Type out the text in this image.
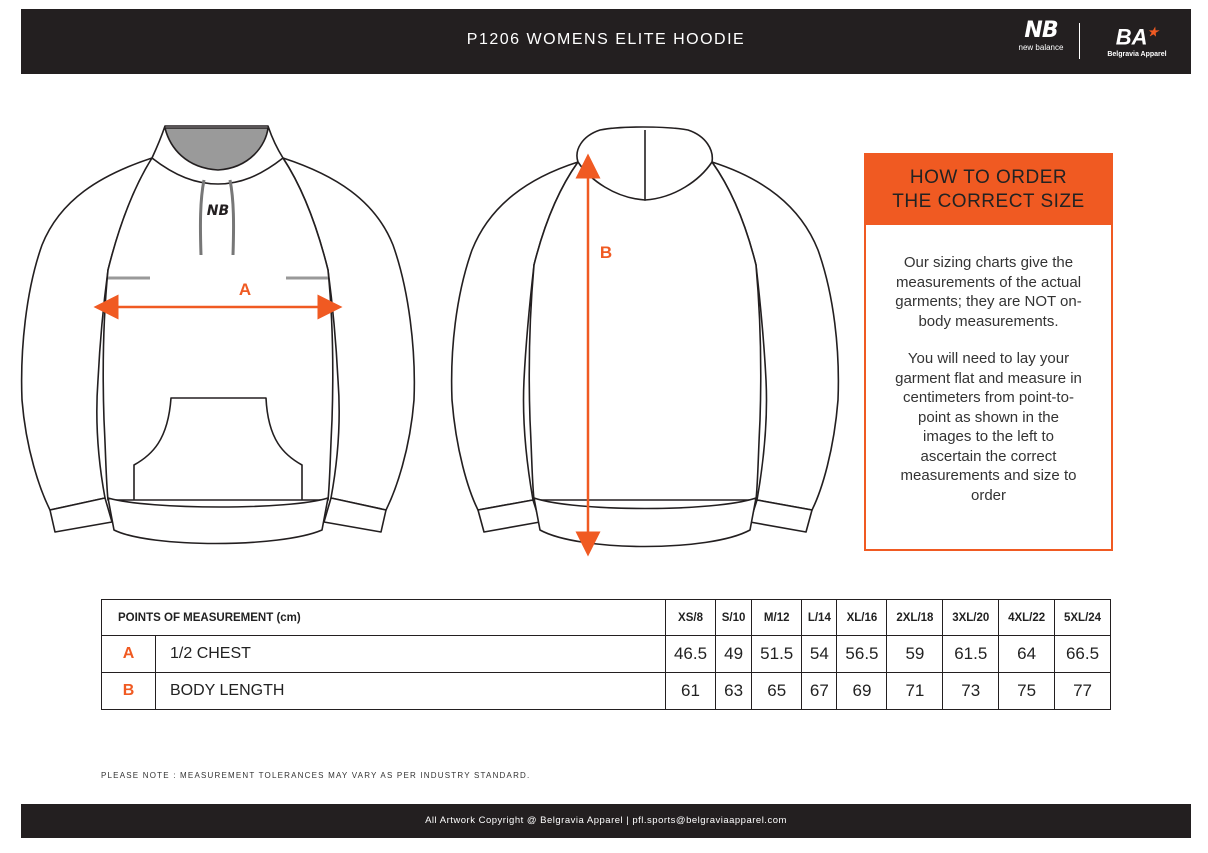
P1206 WOMENS ELITE HOODIE	NB
new balance	BA★
Belgravia Apparel
NB
A
B
HOW TO ORDER
THE CORRECT SIZE

Our sizing charts give the measurements of the actual garments; they are NOT on-body measurements.

You will need to lay your garment flat and measure in centimeters from point-to-point as shown in the images to the left to ascertain the correct measurements and size to order

POINTS OF MEASUREMENT (cm)		XS/8	S/10	M/12	L/14	XL/16	2XL/18	3XL/20	4XL/22	5XL/24
A	1/2 CHEST	46.5	49	51.5	54	56.5	59	61.5	64	66.5
B	BODY LENGTH	61	63	65	67	69	71	73	75	77
PLEASE NOTE : MEASUREMENT TOLERANCES MAY VARY AS PER INDUSTRY STANDARD.
All Artwork Copyright @ Belgravia Apparel | pfl.sports@belgraviaapparel.com
